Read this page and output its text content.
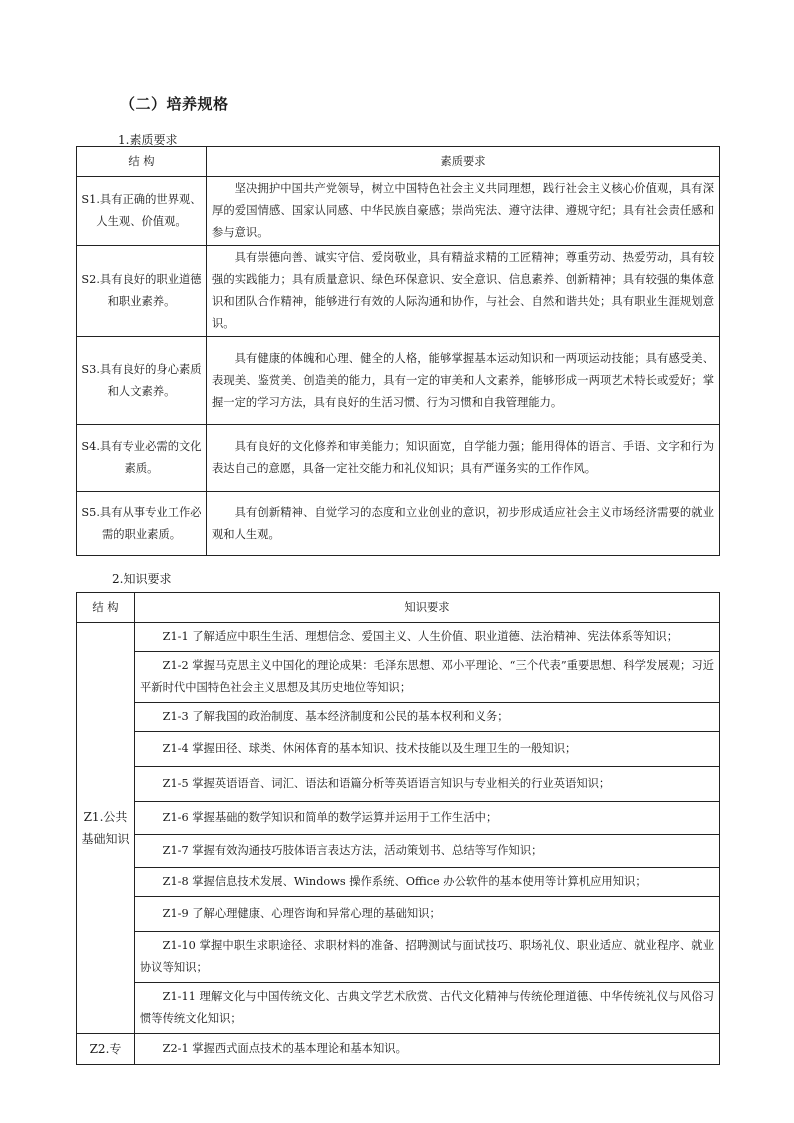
（二）培养规格
1.素质要求
结 构	素质要求
S1.具有正确的世界观、人生观、价值观。	坚决拥护中国共产党领导，树立中国特色社会主义共同理想，践行社会主义核心价值观，具有深厚的爱国情感、国家认同感、中华民族自豪感；崇尚宪法、遵守法律、遵规守纪；具有社会责任感和参与意识。
S2.具有良好的职业道德和职业素养。	具有崇德向善、诚实守信、爱岗敬业，具有精益求精的工匠精神；尊重劳动、热爱劳动，具有较强的实践能力；具有质量意识、绿色环保意识、安全意识、信息素养、创新精神；具有较强的集体意识和团队合作精神，能够进行有效的人际沟通和协作，与社会、自然和谐共处；具有职业生涯规划意识。
S3.具有良好的身心素质和人文素养。	具有健康的体魄和心理、健全的人格，能够掌握基本运动知识和一两项运动技能；具有感受美、表现美、鉴赏美、创造美的能力，具有一定的审美和人文素养，能够形成一两项艺术特长或爱好；掌握一定的学习方法，具有良好的生活习惯、行为习惯和自我管理能力。
S4.具有专业必需的文化素质。	具有良好的文化修养和审美能力；知识面宽，自学能力强；能用得体的语言、手语、文字和行为表达自己的意愿，具备一定社交能力和礼仪知识；具有严谨务实的工作作风。
S5.具有从事专业工作必需的职业素质。	具有创新精神、自觉学习的态度和立业创业的意识，初步形成适应社会主义市场经济需要的就业观和人生观。
2.知识要求
结 构	知识要求
Z1.公共基础知识	Z1-1 了解适应中职生生活、理想信念、爱国主义、人生价值、职业道德、法治精神、宪法体系等知识；
	Z1-2 掌握马克思主义中国化的理论成果：毛泽东思想、邓小平理论、“三个代表”重要思想、科学发展观；习近平新时代中国特色社会主义思想及其历史地位等知识；
	Z1-3 了解我国的政治制度、基本经济制度和公民的基本权利和义务；
	Z1-4 掌握田径、球类、休闲体育的基本知识、技术技能以及生理卫生的一般知识；
	Z1-5 掌握英语语音、词汇、语法和语篇分析等英语语言知识与专业相关的行业英语知识；
	Z1-6 掌握基础的数学知识和简单的数学运算并运用于工作生活中；
	Z1-7 掌握有效沟通技巧肢体语言表达方法，活动策划书、总结等写作知识；
	Z1-8 掌握信息技术发展、Windows 操作系统、Office 办公软件的基本使用等计算机应用知识；
	Z1-9 了解心理健康、心理咨询和异常心理的基础知识；
	Z1-10 掌握中职生求职途径、求职材料的准备、招聘测试与面试技巧、职场礼仪、职业适应、就业程序、就业协议等知识；
	Z1-11 理解文化与中国传统文化、古典文学艺术欣赏、古代文化精神与传统伦理道德、中华传统礼仪与风俗习惯等传统文化知识；
Z2.专	Z2-1 掌握西式面点技术的基本理论和基本知识。
